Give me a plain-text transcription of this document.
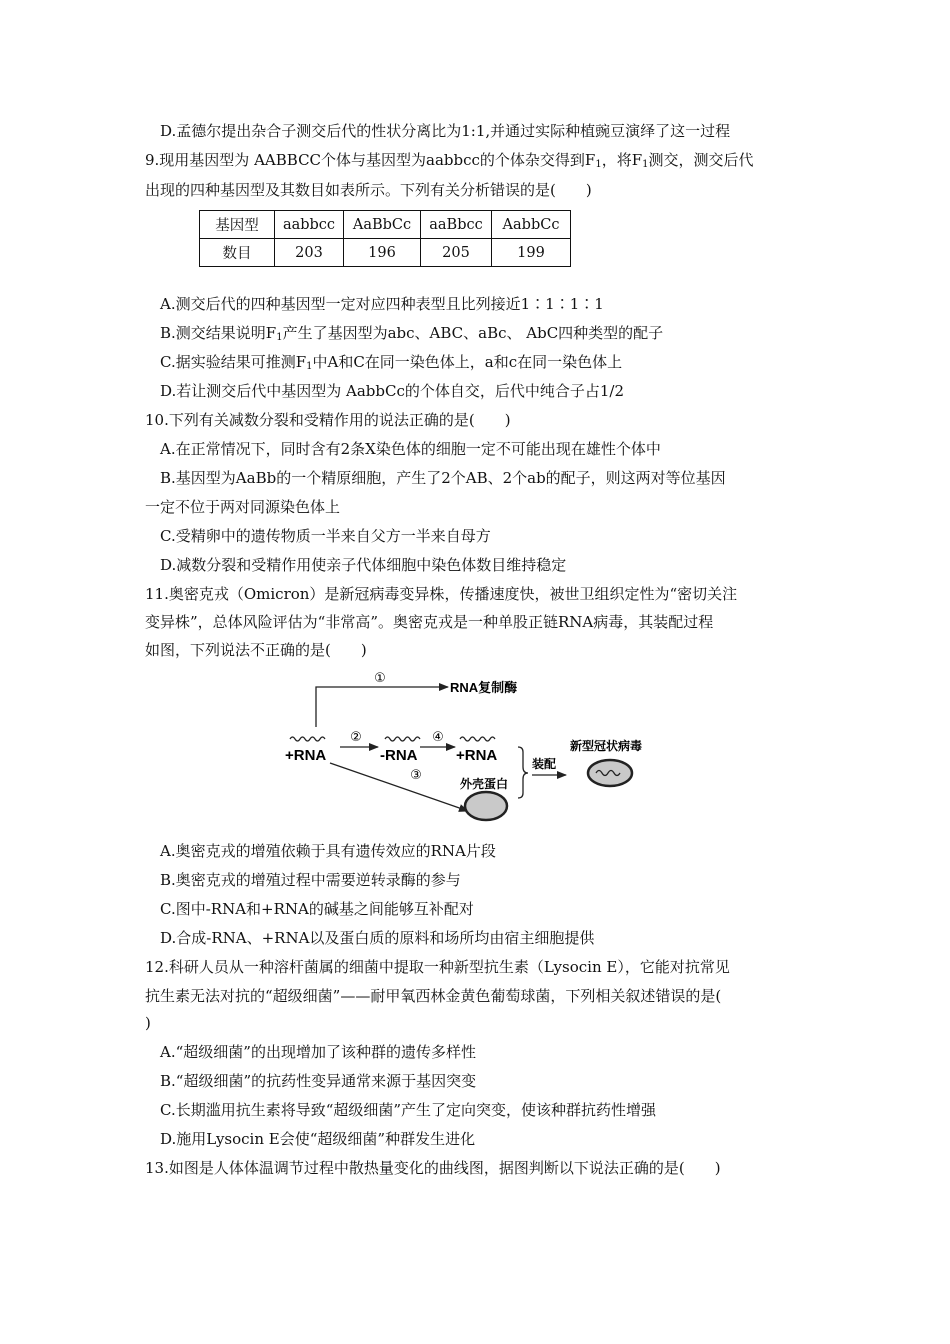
D.孟德尔提出杂合子测交后代的性状分离比为1:1,并通过实际种植豌豆演绎了这一过程
9.现用基因型为 AABBCC个体与基因型为aabbcc的个体杂交得到$F_1$，将$F_1$测交，测交后代
出现的四种基因型及其数目如表所示。下列有关分析错误的是(　　)
基因型	aabbcc	AaBbCc	aaBbcc	AabbCc
数目	203	196	205	199
A.测交后代的四种基因型一定对应四种表型且比列接近1∶1∶1∶1
B.测交结果说明$F_1$产生了基因型为abc、ABC、aBc、 AbC四种类型的配子
C.据实验结果可推测$F_1$中A和C在同一染色体上，a和c在同一染色体上
D.若让测交后代中基因型为 AabbCc的个体自交，后代中纯合子占1/2
10.下列有关减数分裂和受精作用的说法正确的是(　　)
A.在正常情况下，同时含有2条X染色体的细胞一定不可能出现在雄性个体中
B.基因型为AaBb的一个精原细胞，产生了2个AB、2个ab的配子，则这两对等位基因
一定不位于两对同源染色体上
C.受精卵中的遗传物质一半来自父方一半来自母方
D.减数分裂和受精作用使亲子代体细胞中染色体数目维持稳定
11.奥密克戎（Omicron）是新冠病毒变异株，传播速度快，被世卫组织定性为“密切关注
变异株”，总体风险评估为“非常高”。奥密克戎是一种单股正链RNA病毒，其装配过程
如图，下列说法不正确的是(　　)
①
RNA复制酶
+RNA	-RNA	+RNA
②	④
③
外壳蛋白
装配
新型冠状病毒
A.奥密克戎的增殖依赖于具有遗传效应的RNA片段
B.奥密克戎的增殖过程中需要逆转录酶的参与
C.图中-RNA和+RNA的碱基之间能够互补配对
D.合成-RNA、+RNA以及蛋白质的原料和场所均由宿主细胞提供
12.科研人员从一种溶杆菌属的细菌中提取一种新型抗生素（Lysocin E），它能对抗常见
抗生素无法对抗的“超级细菌”——耐甲氧西林金黄色葡萄球菌，下列相关叙述错误的是(
)
A.“超级细菌”的出现增加了该种群的遗传多样性
B.“超级细菌”的抗药性变异通常来源于基因突变
C.长期滥用抗生素将导致“超级细菌”产生了定向突变，使该种群抗药性增强
D.施用Lysocin E会使“超级细菌”种群发生进化
13.如图是人体体温调节过程中散热量变化的曲线图，据图判断以下说法正确的是(　　)
